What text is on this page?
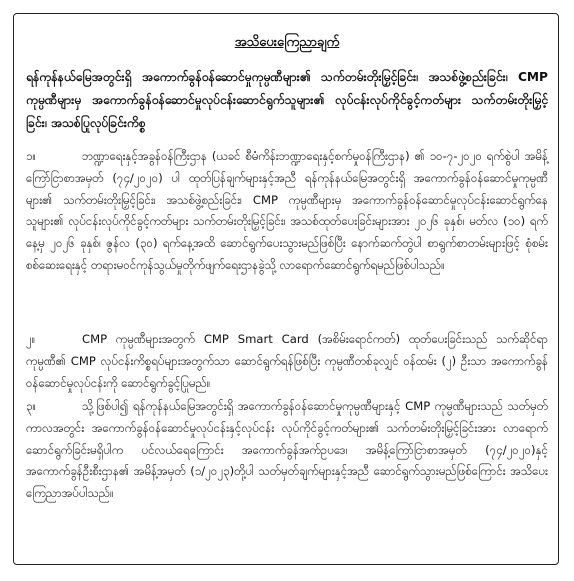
အသိပေးကြေညာချက်
ရန်ကုန်နယ်မြေအတွင်းရှိ အကောက်ခွန်ဝန်ဆောင်မှုကုမ္ပဏီများ၏ သက်တမ်းတိုးမြှင့်ခြင်း၊ အသစ်ဖွဲ့စည်းခြင်း၊ CMP ကုမ္ပဏီများမှ အကောက်ခွန်ဝန်ဆောင်မှုလုပ်ငန်းဆောင်ရွက်သူများ၏ လုပ်ငန်းလုပ်ကိုင်ခွင့်ကတ်များ သက်တမ်းတိုးမြှင့်ခြင်း၊ အသစ်ပြုလုပ်ခြင်းကိစ္စ
၁။	ဘဏ္ဍာရေးနှင့်အခွန်ဝန်ကြီးဌာန (ယခင် စီမံကိန်းဘဏ္ဍာရေးနှင့်စက်မှုဝန်ကြီးဌာန) ၏ ၁၀-၇-၂၀၂၀ ရက်စွဲပါ အမိန့်ကြော်ငြာစာအမှတ် (၇၄/၂၀၂၀) ပါ ထုတ်ပြန်ချက်များနှင့်အညီ ရန်ကုန်နယ်မြေအတွင်းရှိ အကောက်ခွန်ဝန်ဆောင်မှုကုမ္ပဏီများ၏ သက်တမ်းတိုးမြှင့်ခြင်း၊ အသစ်ဖွဲ့စည်းခြင်း၊ CMP ကုမ္ပဏီများမှ အကောက်ခွန်ဝန်ဆောင်မှုလုပ်ငန်းဆောင်ရွက်နေသူများ၏ လုပ်ငန်းလုပ်ကိုင်ခွင့်ကတ်များ သက်တမ်းတိုးမြှင့်ခြင်း၊ အသစ်ထုတ်ပေးခြင်းများအား ၂၀၂၆ ခုနှစ်၊ မတ်လ (၁၀) ရက်နေ့မှ ၂၀၂၆ ခုနှစ်၊ ဇွန်လ (၃၀) ရက်နေ့အထိ ဆောင်ရွက်ပေးသွားမည်ဖြစ်ပြီး နောက်ဆက်တွဲပါ စာရွက်စာတမ်းများဖြင့် စုံစမ်းစစ်ဆေးရေးနှင့် တရားမဝင်ကုန်သွယ်မှုတိုက်ဖျက်ရေးဌာနခွဲသို့ လာရောက်ဆောင်ရွက်ရမည်ဖြစ်ပါသည်။
၂။	CMP ကုမ္ပဏီများအတွက် CMP Smart Card (အစိမ်းရောင်ကတ်) ထုတ်ပေးခြင်းသည် သက်ဆိုင်ရာကုမ္ပဏီ၏ CMP လုပ်ငန်းကိစ္စရပ်များအတွက်သာ ဆောင်ရွက်ရန်ဖြစ်ပြီး ကုမ္ပဏီတစ်ခုလျှင် ဝန်ထမ်း (၂) ဦးသာ အကောက်ခွန်ဝန်ဆောင်မှုလုပ်ငန်းကို ဆောင်ရွက်ခွင့်ပြုမည်။
၃။	သို့ဖြစ်ပါ၍ ရန်ကုန်နယ်မြေအတွင်းရှိ အကောက်ခွန်ဝန်ဆောင်မှုကုမ္ပဏီများနှင့် CMP ကုမ္ပဏီများသည် သတ်မှတ်ကာလအတွင်း အကောက်ခွန်ဝန်ဆောင်မှုလုပ်ငန်းနှင့်လုပ်ငန်း လုပ်ကိုင်ခွင့်ကတ်များ၏ သက်တမ်းတိုးမြှင့်ခြင်းအား လာရောက်ဆောင်ရွက်ခြင်းမရှိပါက ပင်လယ်ရေကြောင်း အကောက်ခွန်အက်ဥပဒေ၊ အမိန့်ကြော်ငြာစာအမှတ် (၇၄/၂၀၂၀)နှင့် အကောက်ခွန်ဦးစီးဌာန၏ အမိန့်အမှတ် (၁/၂၀၂၃)တို့ပါ သတ်မှတ်ချက်များနှင့်အညီ ဆောင်ရွက်သွားမည်ဖြစ်ကြောင်း အသိပေးကြေညာအပ်ပါသည်။
